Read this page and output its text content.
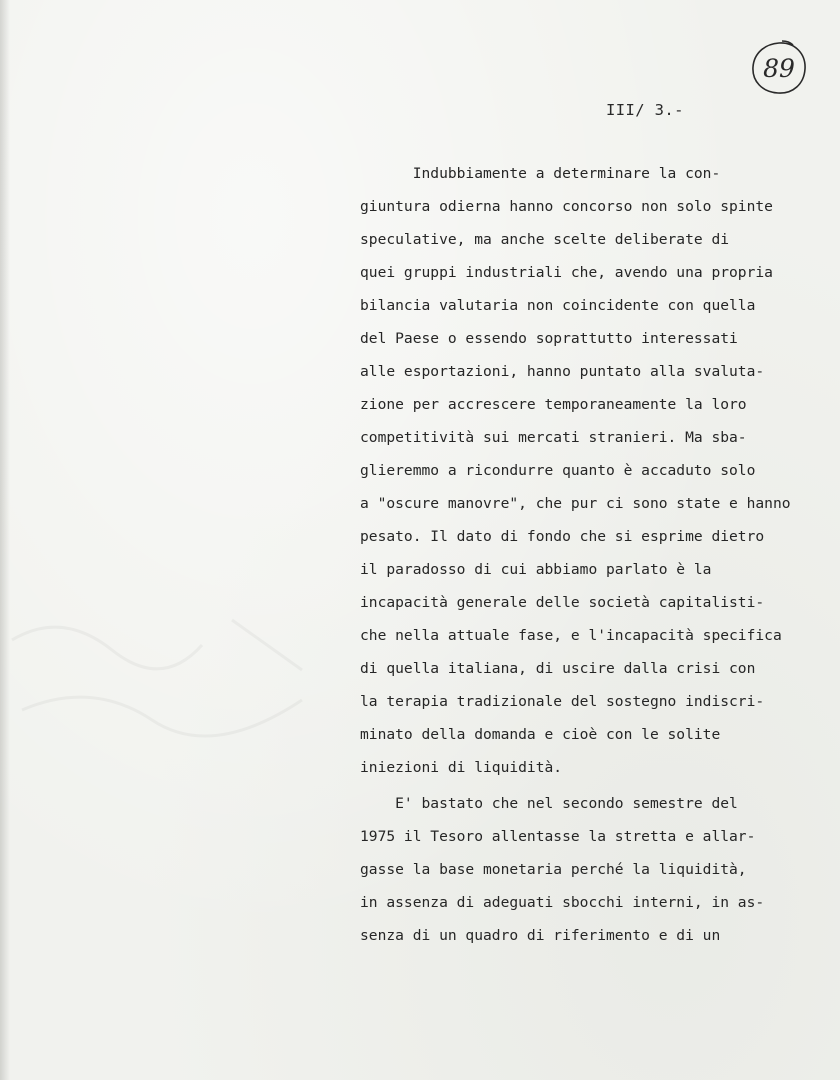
89

III/ 3.-

Indubbiamente a determinare la con-

giuntura odierna hanno concorso non solo spinte

speculative, ma anche scelte deliberate di

quei gruppi industriali che, avendo una propria

bilancia valutaria non coincidente con quella

del Paese o essendo soprattutto interessati

alle esportazioni, hanno puntato alla svaluta-

zione per accrescere temporaneamente la loro

competitività sui mercati stranieri. Ma sba-

glieremmo a ricondurre quanto è accaduto solo

a "oscure manovre", che pur ci sono state e hanno

pesato. Il dato di fondo che si esprime dietro

il paradosso di cui abbiamo parlato è la

incapacità generale delle società capitalisti-

che nella attuale fase, e l'incapacità specifica

di quella italiana, di uscire dalla crisi con

la terapia tradizionale del sostegno indiscri-

minato della domanda e cioè con le solite

iniezioni di liquidità.

E' bastato che nel secondo semestre del

1975 il Tesoro allentasse la stretta e allar-

gasse la base monetaria perché la liquidità,

in assenza di adeguati sbocchi interni, in as-

senza di un quadro di riferimento e di un
